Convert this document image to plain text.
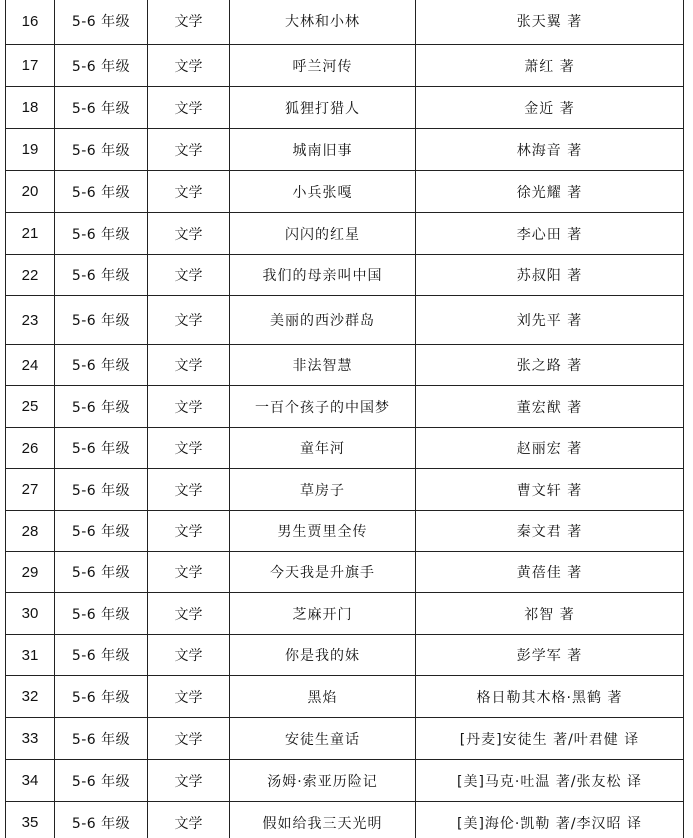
16	5-6 年级	文学	大林和小林	张天翼 著
17	5-6 年级	文学	呼兰河传	萧红 著
18	5-6 年级	文学	狐狸打猎人	金近 著
19	5-6 年级	文学	城南旧事	林海音 著
20	5-6 年级	文学	小兵张嘎	徐光耀 著
21	5-6 年级	文学	闪闪的红星	李心田 著
22	5-6 年级	文学	我们的母亲叫中国	苏叔阳 著
23	5-6 年级	文学	美丽的西沙群岛	刘先平 著
24	5-6 年级	文学	非法智慧	张之路 著
25	5-6 年级	文学	一百个孩子的中国梦	董宏猷 著
26	5-6 年级	文学	童年河	赵丽宏 著
27	5-6 年级	文学	草房子	曹文轩 著
28	5-6 年级	文学	男生贾里全传	秦文君 著
29	5-6 年级	文学	今天我是升旗手	黄蓓佳 著
30	5-6 年级	文学	芝麻开门	祁智 著
31	5-6 年级	文学	你是我的妹	彭学军 著
32	5-6 年级	文学	黑焰	格日勒其木格·黑鹤 著
33	5-6 年级	文学	安徒生童话	[丹麦]安徒生 著/叶君健 译
34	5-6 年级	文学	汤姆·索亚历险记	[美]马克·吐温 著/张友松 译
35	5-6 年级	文学	假如给我三天光明	[美]海伦·凯勒 著/李汉昭 译
